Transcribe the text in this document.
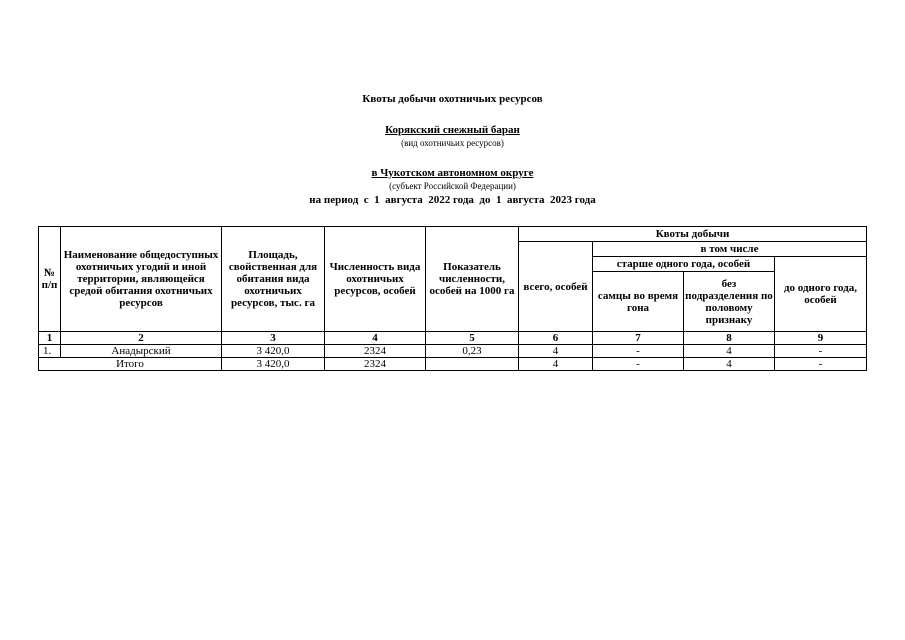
Квоты добычи охотничьих ресурсов
Корякский снежный баран
(вид охотничьих ресурсов)
в Чукотском автономном округе
(субъект Российской Федерации)
на период  с  1  августа  2022 года  до  1  августа  2023 года
№ п/п	Наименование общедоступных охотничьих угодий и иной территории, являющейся средой обитания охотничьих ресурсов	Площадь, свойственная для обитания вида охотничьих ресурсов, тыс. га	Численность вида охотничьих ресурсов, особей	Показатель численности, особей на 1000 га	Квоты добычи			
					всего, особей	в том числе		
						старше одного года, особей		до одного года, особей
						самцы во время гона	без подразделения по половому признаку	
1	2	3	4	5	6	7	8	9
1.	Анадырский	3 420,0	2324	0,23	4	-	4	-
Итого		3 420,0	2324		4	-	4	-
